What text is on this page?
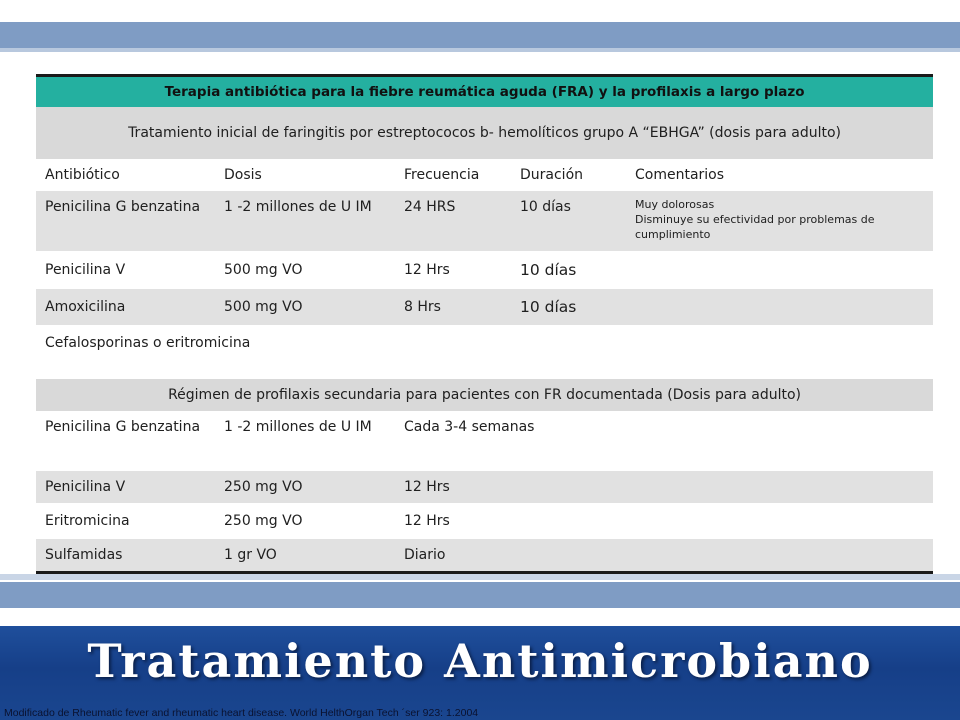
Terapia antibiótica para la fiebre reumática aguda (FRA) y la profilaxis a largo plazo				
Tratamiento inicial de faringitis por estreptococos b- hemolíticos grupo A “EBHGA” (dosis para adulto)				
Antibiótico	Dosis	Frecuencia	Duración	Comentarios
Penicilina G benzatina	1 -2 millones de U IM	24 HRS	10 días	Muy dolorosas
Disminuye su efectividad por problemas de cumplimiento

Penicilina V	500 mg VO	12 Hrs	10 días	
Amoxicilina	500 mg VO	8 Hrs	10 días	
Cefalosporinas o eritromicina				

Régimen de profilaxis secundaria para pacientes con FR documentada (Dosis para adulto)				
Penicilina G benzatina	1 -2 millones de U IM	Cada 3-4 semanas		
Penicilina V	250 mg VO	12 Hrs		
Eritromicina	250 mg VO	12 Hrs		
Sulfamidas	1 gr VO	Diario		
Tratamiento Antimicrobiano
Modificado de Rheumatic fever and rheumatic heart disease. World HelthOrgan Tech ´ser 923: 1.2004
